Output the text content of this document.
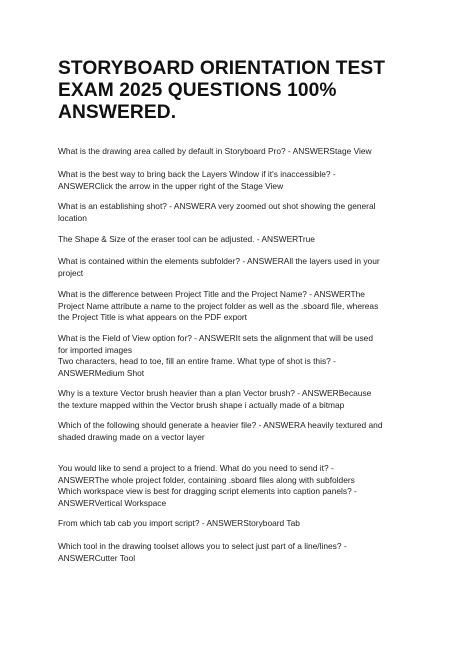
STORYBOARD ORIENTATION TEST EXAM 2025 QUESTIONS 100% ANSWERED.

What is the drawing area called by default in Storyboard Pro? - ANSWERStage View

What is the best way to bring back the Layers Window if it's inaccessible? -
ANSWERClick the arrow in the upper right of the Stage View

What is an establishing shot? - ANSWERA very zoomed out shot showing the general
location

The Shape & Size of the eraser tool can be adjusted. - ANSWERTrue

What is contained within the elements subfolder? - ANSWERAll the layers used in your
project

What is the difference between Project Title and the Project Name? - ANSWERThe
Project Name attribute a name to the project folder as well as the .sboard file, whereas
the Project Title is what appears on the PDF export

What is the Field of View option for? - ANSWERIt sets the alignment that will be used
for imported images
Two characters, head to toe, fill an entire frame. What type of shot is this? -
ANSWERMedium Shot

Why is a texture Vector brush heavier than a plan Vector brush? - ANSWERBecause
the texture mapped within the Vector brush shape i actually made of a bitmap

Which of the following should generate a heavier file? - ANSWERA heavily textured and
shaded drawing made on a vector layer

You would like to send a project to a friend. What do you need to send it? -
ANSWERThe whole project folder, containing .sboard files along with subfolders
Which workspace view is best for dragging script elements into caption panels? -
ANSWERVertical Workspace

From which tab cab you import script? - ANSWERStoryboard Tab

Which tool in the drawing toolset allows you to select just part of a line/lines? -
ANSWERCutter Tool
